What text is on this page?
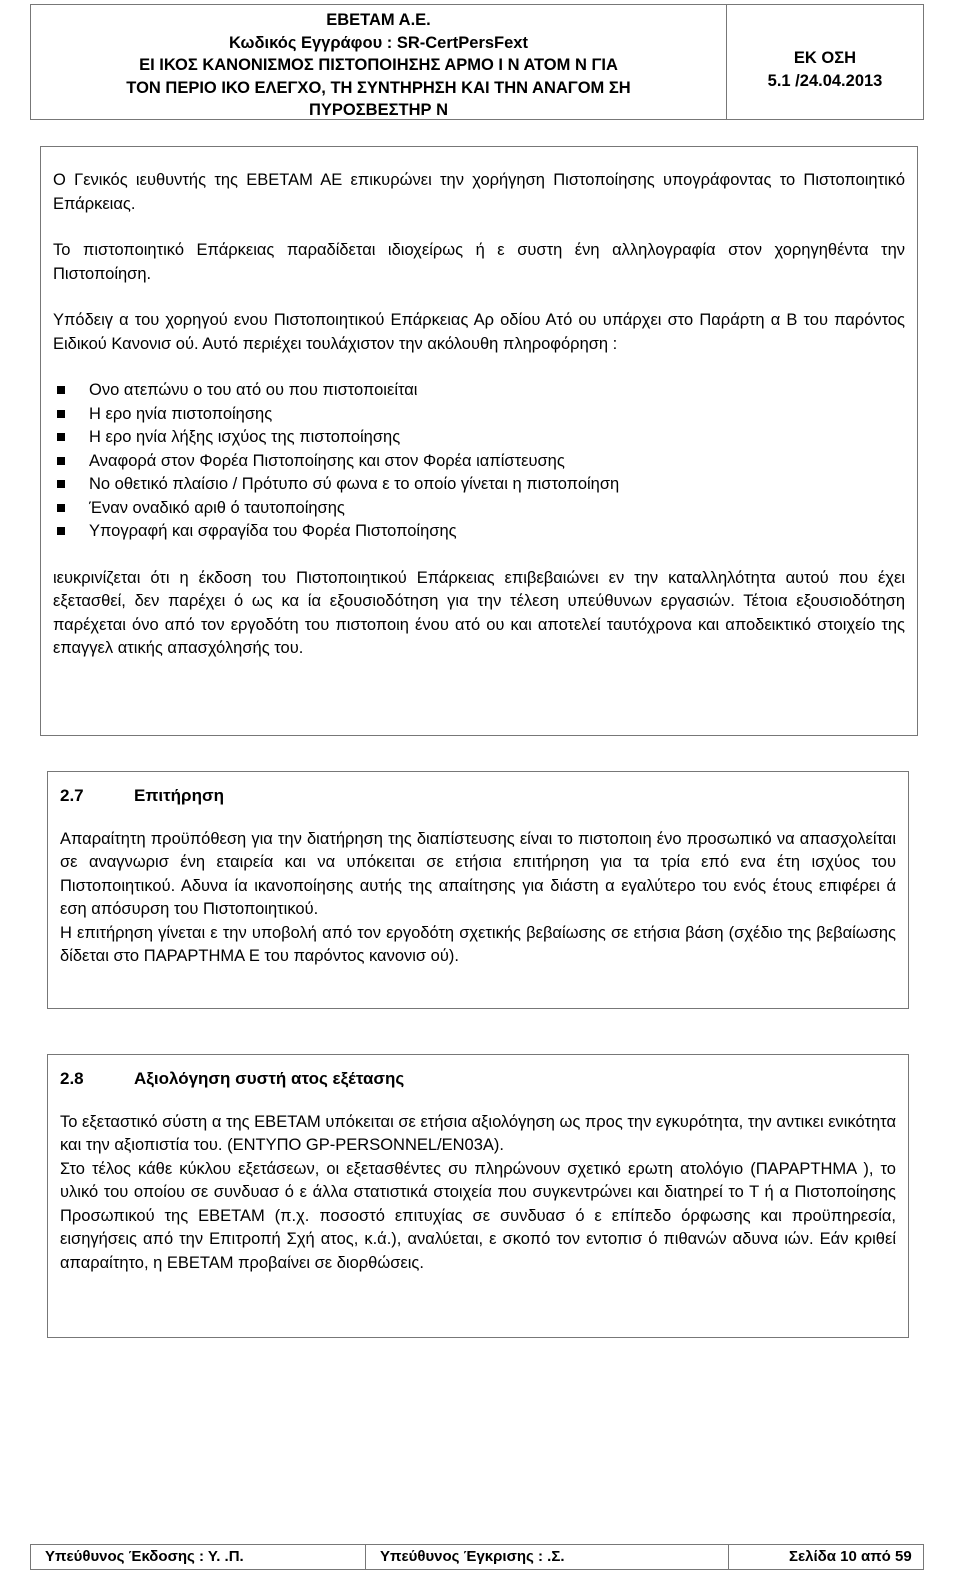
ΕΒΕΤΑΜ Α.Ε.
Κωδικός Εγγράφου : SR-CertPersFext
ΕΙ ΙΚΟΣ ΚΑΝΟΝΙΣΜΟΣ ΠΙΣΤΟΠΟΙΗΣΗΣ ΑΡΜΟ Ι Ν ΑΤΟΜ Ν ΓΙΑ
ΤΟΝ ΠΕΡΙΟ ΙΚΟ ΕΛΕΓΧΟ, ΤΗ ΣΥΝΤΗΡΗΣΗ ΚΑΙ ΤΗΝ ΑΝΑΓΟΜ ΣΗ
ΠΥΡΟΣΒΕΣΤΗΡ Ν
ΕΚ ΟΣΗ
5.1 /24.04.2013

Ο Γενικός ιευθυντής της ΕΒΕΤΑΜ ΑΕ επικυρώνει την χορήγηση Πιστοποίησης υπογράφοντας το Πιστοποιητικό Επάρκειας.

Το πιστοποιητικό Επάρκειας παραδίδεται ιδιοχείρως ή ε συστη ένη αλληλογραφία στον χορηγηθέντα την Πιστοποίηση.

Υπόδειγ α του χορηγού ενου Πιστοποιητικού Επάρκειας Αρ οδίου Ατό ου υπάρχει στο Παράρτη α Β του παρόντος Ειδικού Κανονισ ού. Αυτό περιέχει τουλάχιστον την ακόλουθη πληροφόρηση :

Ονο ατεπώνυ ο του ατό ου που πιστοποιείται
Η ερο ηνία πιστοποίησης
Η ερο ηνία λήξης ισχύος της πιστοποίησης
Αναφορά στον Φορέα Πιστοποίησης και στον Φορέα ιαπίστευσης
Νο οθετικό πλαίσιο / Πρότυπο σύ φωνα ε το οποίο γίνεται η πιστοποίηση
Έναν οναδικό αριθ ό ταυτοποίησης
Υπογραφή και σφραγίδα του Φορέα Πιστοποίησης

ιευκρινίζεται ότι η έκδοση του Πιστοποιητικού Επάρκειας επιβεβαιώνει εν την καταλληλότητα αυτού που έχει εξετασθεί, δεν παρέχει ό ως κα ία εξουσιοδότηση για την τέλεση υπεύθυνων εργασιών. Τέτοια εξουσιοδότηση παρέχεται όνο από τον εργοδότη του πιστοποιη ένου ατό ου και αποτελεί ταυτόχρονα και αποδεικτικό στοιχείο της επαγγελ ατικής απασχόλησής του.

2.7	Επιτήρηση

Απαραίτητη προϋπόθεση για την διατήρηση της διαπίστευσης είναι το πιστοποιη ένο προσωπικό να απασχολείται σε αναγνωρισ ένη εταιρεία και να υπόκειται σε ετήσια επιτήρηση για τα τρία επό ενα έτη ισχύος του Πιστοποιητικού. Αδυνα ία ικανοποίησης αυτής της απαίτησης για διάστη α εγαλύτερο του ενός έτους επιφέρει ά εση απόσυρση του Πιστοποιητικού.

Η επιτήρηση γίνεται ε την υποβολή από τον εργοδότη σχετικής βεβαίωσης σε ετήσια βάση (σχέδιο της βεβαίωσης δίδεται στο ΠΑΡΑΡΤΗΜΑ Ε του παρόντος κανονισ ού).

2.8	Αξιολόγηση συστή ατος εξέτασης

Το εξεταστικό σύστη α της ΕΒΕΤΑΜ υπόκειται σε ετήσια αξιολόγηση ως προς την εγκυρότητα, την αντικει ενικότητα και την αξιοπιστία του. (ΕΝΤΥΠΟ GP-PERSONNEL/EN03A).

Στο τέλος κάθε κύκλου εξετάσεων, οι εξετασθέντες συ πληρώνουν σχετικό ερωτη ατολόγιο (ΠΑΡΑΡΤΗΜΑ ), το υλικό του οποίου σε συνδυασ ό ε άλλα στατιστικά στοιχεία που συγκεντρώνει και διατηρεί το Τ ή α Πιστοποίησης Προσωπικού της ΕΒΕΤΑΜ (π.χ. ποσοστό επιτυχίας σε συνδυασ ό ε επίπεδο όρφωσης και προϋπηρεσία, εισηγήσεις από την Επιτροπή Σχή ατος, κ.ά.), αναλύεται, ε σκοπό τον εντοπισ ό πιθανών αδυνα ιών. Εάν κριθεί απαραίτητο, η ΕΒΕΤΑΜ προβαίνει σε διορθώσεις.

Υπεύθυνος Έκδοσης : Υ. .Π.	Υπεύθυνος Έγκρισης : .Σ.	Σελίδα 10 από 59
